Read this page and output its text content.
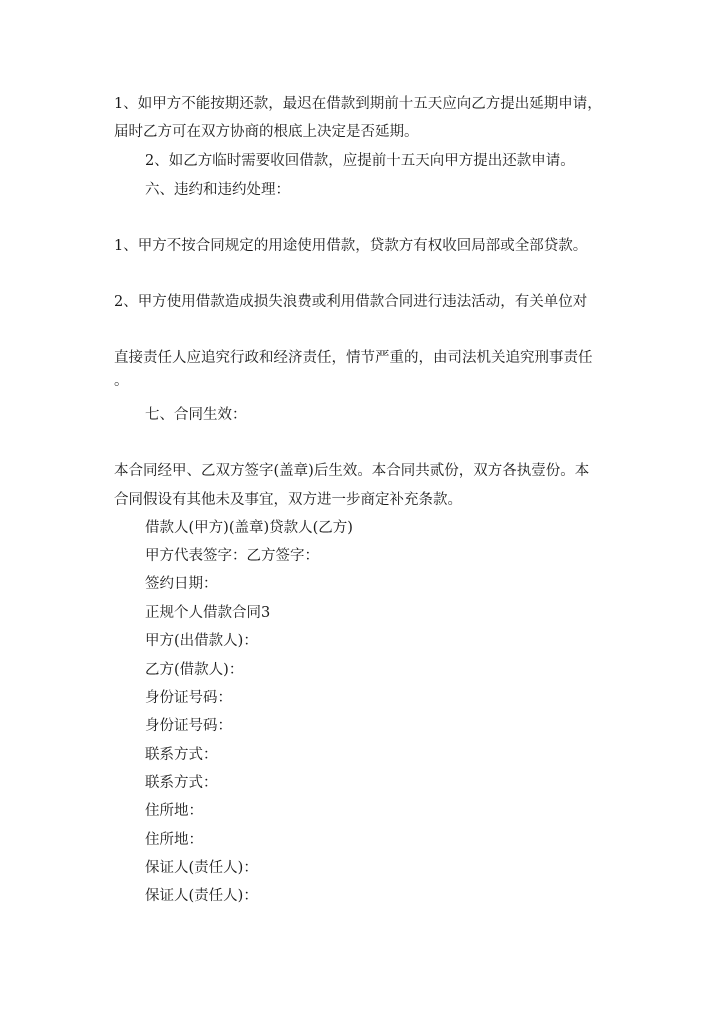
1、如甲方不能按期还款，最迟在借款到期前十五天应向乙方提出延期申请，
届时乙方可在双方协商的根底上决定是否延期。
2、如乙方临时需要收回借款，应提前十五天向甲方提出还款申请。
六、违约和违约处理：
1、甲方不按合同规定的用途使用借款，贷款方有权收回局部或全部贷款。
2、甲方使用借款造成损失浪费或利用借款合同进行违法活动，有关单位对
直接责任人应追究行政和经济责任，情节严重的，由司法机关追究刑事责任
。
七、合同生效：
本合同经甲、乙双方签字(盖章)后生效。本合同共贰份，双方各执壹份。本
合同假设有其他未及事宜，双方进一步商定补充条款。
借款人(甲方)(盖章)贷款人(乙方)
甲方代表签字：乙方签字：
签约日期：
正规个人借款合同3
甲方(出借款人)：
乙方(借款人)：
身份证号码：
身份证号码：
联系方式：
联系方式：
住所地：
住所地：
保证人(责任人)：
保证人(责任人)：
